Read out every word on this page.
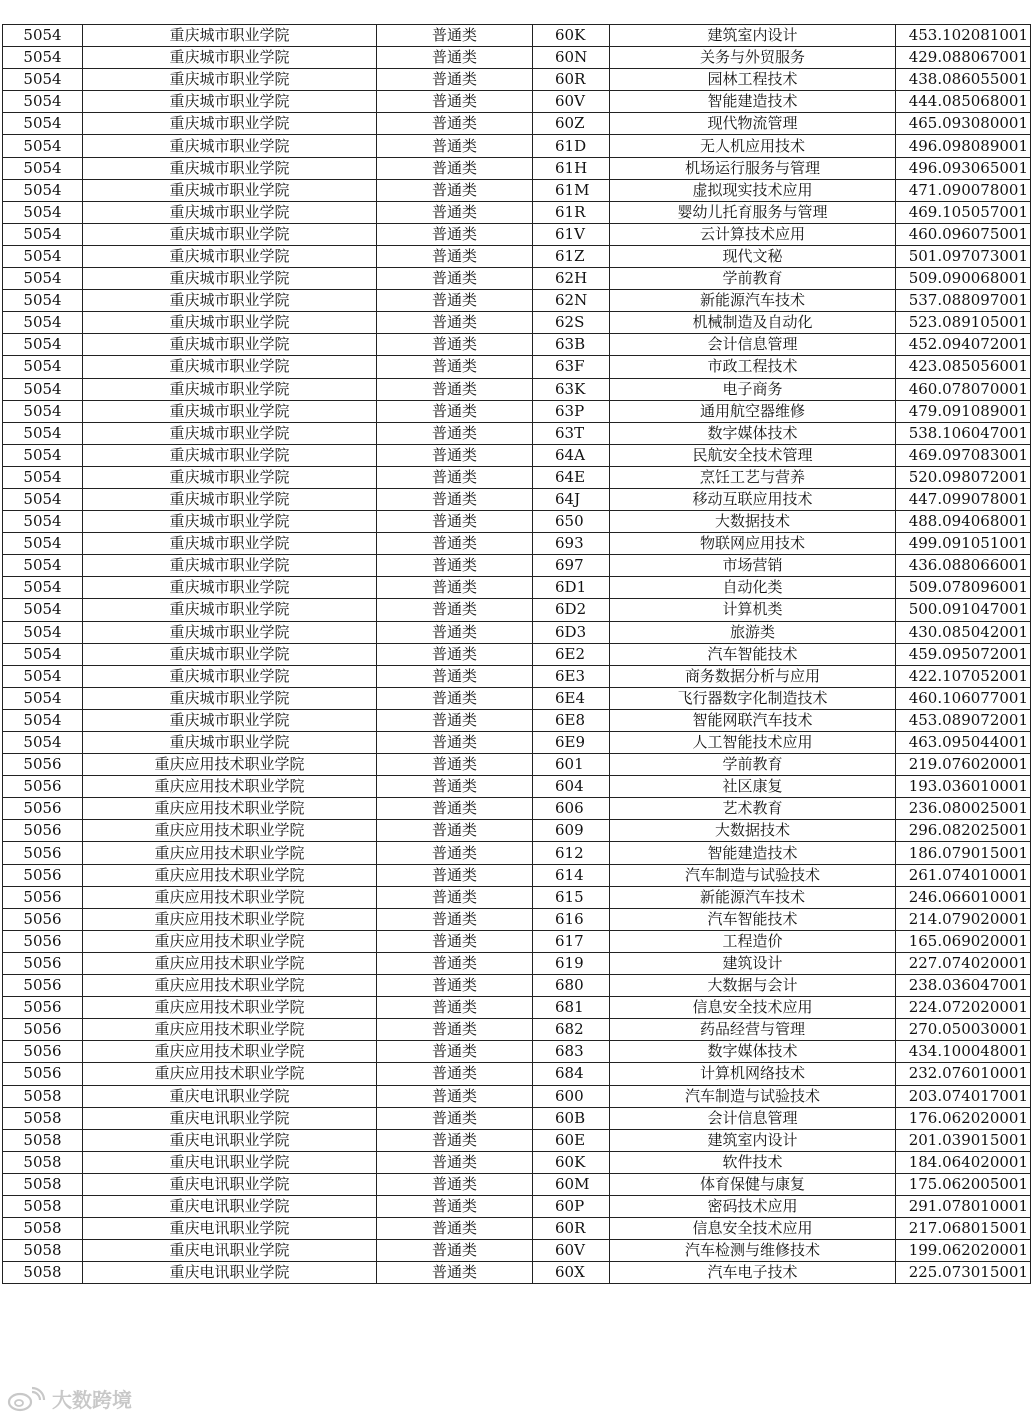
5054	重庆城市职业学院	普通类	60K	建筑室内设计	453.102081001
5054	重庆城市职业学院	普通类	60N	关务与外贸服务	429.088067001
5054	重庆城市职业学院	普通类	60R	园林工程技术	438.086055001
5054	重庆城市职业学院	普通类	60V	智能建造技术	444.085068001
5054	重庆城市职业学院	普通类	60Z	现代物流管理	465.093080001
5054	重庆城市职业学院	普通类	61D	无人机应用技术	496.098089001
5054	重庆城市职业学院	普通类	61H	机场运行服务与管理	496.093065001
5054	重庆城市职业学院	普通类	61M	虚拟现实技术应用	471.090078001
5054	重庆城市职业学院	普通类	61R	婴幼儿托育服务与管理	469.105057001
5054	重庆城市职业学院	普通类	61V	云计算技术应用	460.096075001
5054	重庆城市职业学院	普通类	61Z	现代文秘	501.097073001
5054	重庆城市职业学院	普通类	62H	学前教育	509.090068001
5054	重庆城市职业学院	普通类	62N	新能源汽车技术	537.088097001
5054	重庆城市职业学院	普通类	62S	机械制造及自动化	523.089105001
5054	重庆城市职业学院	普通类	63B	会计信息管理	452.094072001
5054	重庆城市职业学院	普通类	63F	市政工程技术	423.085056001
5054	重庆城市职业学院	普通类	63K	电子商务	460.078070001
5054	重庆城市职业学院	普通类	63P	通用航空器维修	479.091089001
5054	重庆城市职业学院	普通类	63T	数字媒体技术	538.106047001
5054	重庆城市职业学院	普通类	64A	民航安全技术管理	469.097083001
5054	重庆城市职业学院	普通类	64E	烹饪工艺与营养	520.098072001
5054	重庆城市职业学院	普通类	64J	移动互联应用技术	447.099078001
5054	重庆城市职业学院	普通类	650	大数据技术	488.094068001
5054	重庆城市职业学院	普通类	693	物联网应用技术	499.091051001
5054	重庆城市职业学院	普通类	697	市场营销	436.088066001
5054	重庆城市职业学院	普通类	6D1	自动化类	509.078096001
5054	重庆城市职业学院	普通类	6D2	计算机类	500.091047001
5054	重庆城市职业学院	普通类	6D3	旅游类	430.085042001
5054	重庆城市职业学院	普通类	6E2	汽车智能技术	459.095072001
5054	重庆城市职业学院	普通类	6E3	商务数据分析与应用	422.107052001
5054	重庆城市职业学院	普通类	6E4	飞行器数字化制造技术	460.106077001
5054	重庆城市职业学院	普通类	6E8	智能网联汽车技术	453.089072001
5054	重庆城市职业学院	普通类	6E9	人工智能技术应用	463.095044001
5056	重庆应用技术职业学院	普通类	601	学前教育	219.076020001
5056	重庆应用技术职业学院	普通类	604	社区康复	193.036010001
5056	重庆应用技术职业学院	普通类	606	艺术教育	236.080025001
5056	重庆应用技术职业学院	普通类	609	大数据技术	296.082025001
5056	重庆应用技术职业学院	普通类	612	智能建造技术	186.079015001
5056	重庆应用技术职业学院	普通类	614	汽车制造与试验技术	261.074010001
5056	重庆应用技术职业学院	普通类	615	新能源汽车技术	246.066010001
5056	重庆应用技术职业学院	普通类	616	汽车智能技术	214.079020001
5056	重庆应用技术职业学院	普通类	617	工程造价	165.069020001
5056	重庆应用技术职业学院	普通类	619	建筑设计	227.074020001
5056	重庆应用技术职业学院	普通类	680	大数据与会计	238.036047001
5056	重庆应用技术职业学院	普通类	681	信息安全技术应用	224.072020001
5056	重庆应用技术职业学院	普通类	682	药品经营与管理	270.050030001
5056	重庆应用技术职业学院	普通类	683	数字媒体技术	434.100048001
5056	重庆应用技术职业学院	普通类	684	计算机网络技术	232.076010001
5058	重庆电讯职业学院	普通类	600	汽车制造与试验技术	203.074017001
5058	重庆电讯职业学院	普通类	60B	会计信息管理	176.062020001
5058	重庆电讯职业学院	普通类	60E	建筑室内设计	201.039015001
5058	重庆电讯职业学院	普通类	60K	软件技术	184.064020001
5058	重庆电讯职业学院	普通类	60M	体育保健与康复	175.062005001
5058	重庆电讯职业学院	普通类	60P	密码技术应用	291.078010001
5058	重庆电讯职业学院	普通类	60R	信息安全技术应用	217.068015001
5058	重庆电讯职业学院	普通类	60V	汽车检测与维修技术	199.062020001
5058	重庆电讯职业学院	普通类	60X	汽车电子技术	225.073015001
大数跨境
